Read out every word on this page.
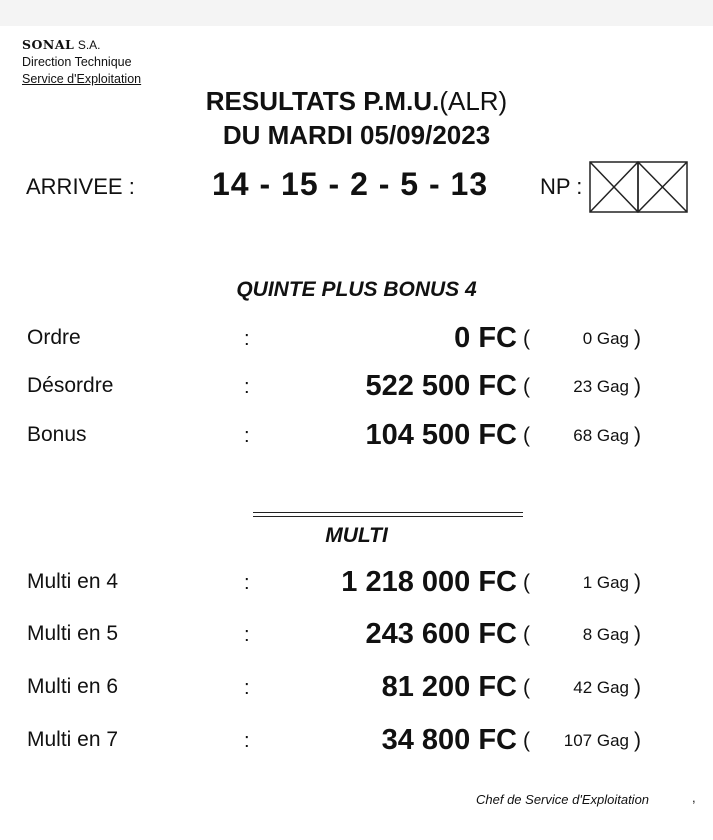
SONAL S.A.
Direction Technique
Service d'Exploitation
RESULTATS P.M.U.(ALR)
DU MARDI 05/09/2023
ARRIVEE : 14 - 15 - 2 - 5 - 13 NP :
QUINTE PLUS BONUS 4
Ordre	:	0 FC (	0 Gag )
Désordre	:	522 500 FC (	23 Gag )
Bonus	:	104 500 FC (	68 Gag )
MULTI
Multi en 4	:	1 218 000 FC (	1 Gag )
Multi en 5	:	243 600 FC (	8 Gag )
Multi en 6	:	81 200 FC (	42 Gag )
Multi en 7	:	34 800 FC ( 107 Gag )
Chef de Service d'Exploitation	,
